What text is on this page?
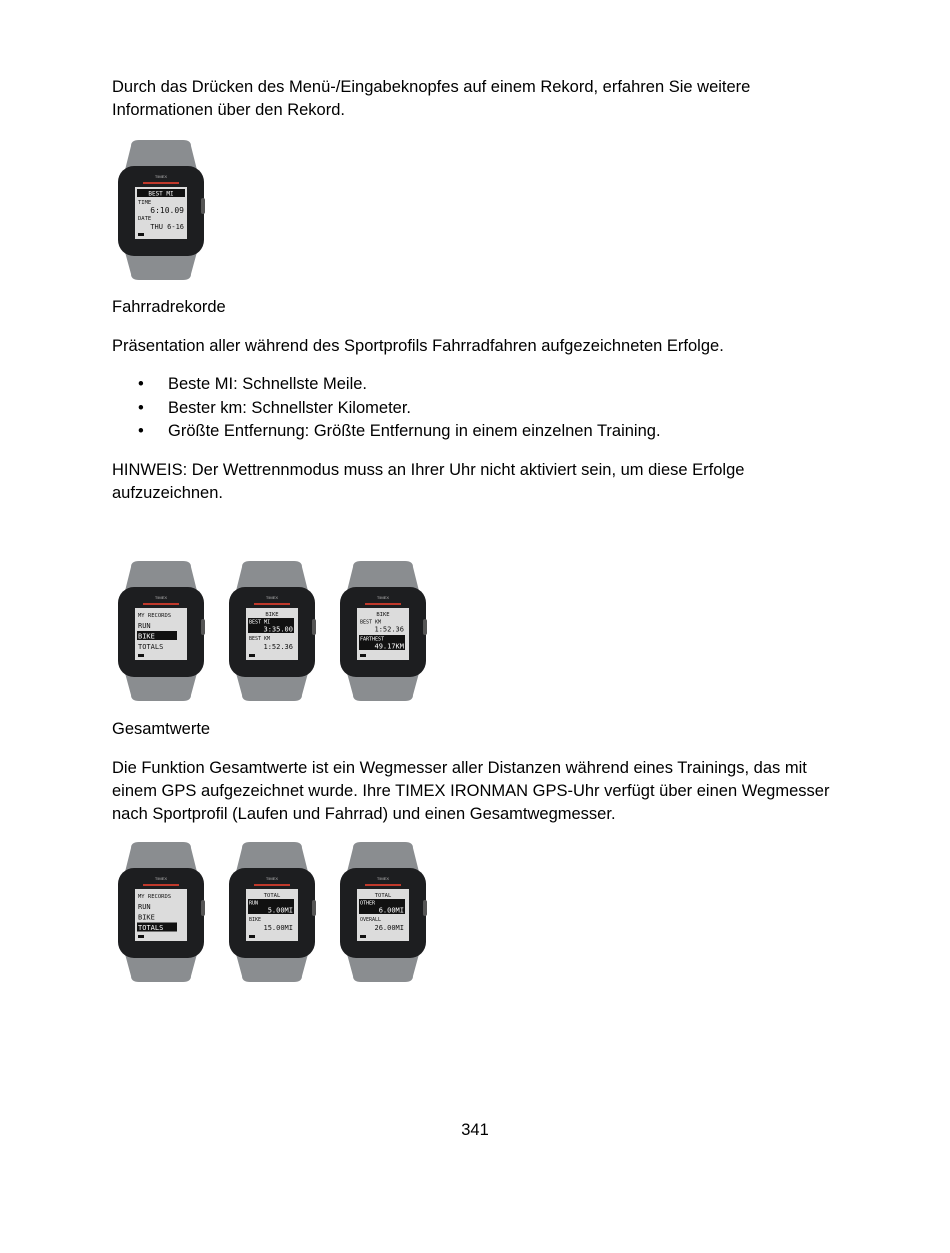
Durch das Drücken des Menü-/Eingabeknopfes auf einem Rekord, erfahren Sie weitere Informationen über den Rekord.

TIMEX
BEST MI
TIME
6:10.09
DATE
THU 6-16

Fahrradrekorde

Präsentation aller während des Sportprofils Fahrradfahren aufgezeichneten Erfolge.

• Beste MI: Schnellste Meile.
• Bester km: Schnellster Kilometer.
• Größte Entfernung: Größte Entfernung in einem einzelnen Training.

HINWEIS: Der Wettrennmodus muss an Ihrer Uhr nicht aktiviert sein, um diese Erfolge aufzuzeichnen.

TIMEX
MY RECORDS
RUN
BIKE
TOTALS
TIMEX
BIKE
BEST MI
3:35.00
BEST KM
1:52.36
TIMEX
BIKE
BEST KM
1:52.36
FARTHEST
49.17KM

Gesamtwerte

Die Funktion Gesamtwerte ist ein Wegmesser aller Distanzen während eines Trainings, das mit einem GPS aufgezeichnet wurde. Ihre TIMEX IRONMAN GPS-Uhr verfügt über einen Wegmesser nach Sportprofil (Laufen und Fahrrad) und einen Gesamtwegmesser.

TIMEX
MY RECORDS
RUN
BIKE
TOTALS
TIMEX
TOTAL
RUN
5.00MI
BIKE
15.00MI
TIMEX
TOTAL
OTHER
6.00MI
OVERALL
26.00MI
341
